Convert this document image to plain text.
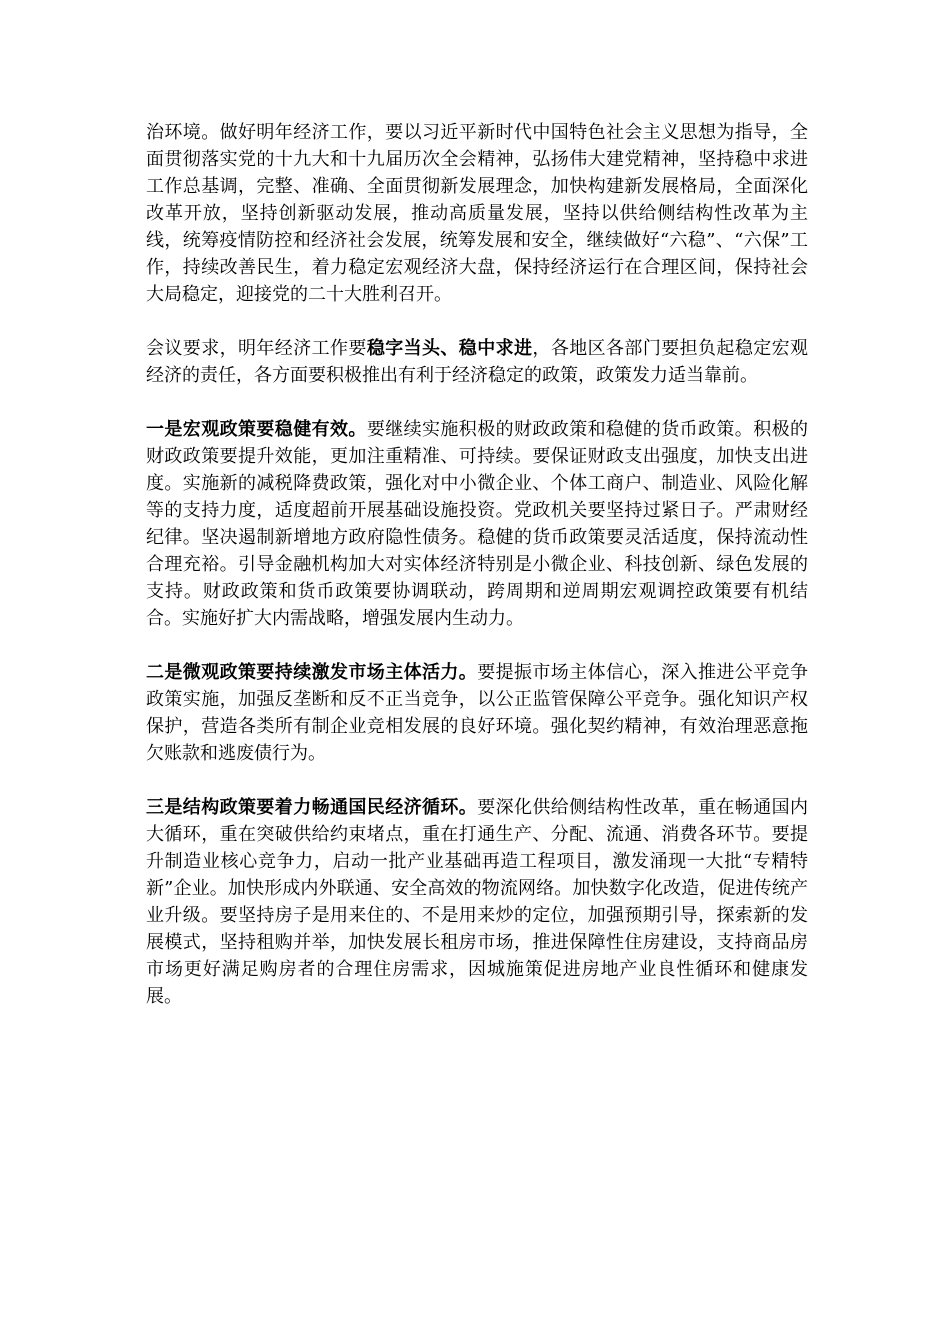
治环境。做好明年经济工作，要以习近平新时代中国特色社会主义思想为指导，全面贯彻落实党的十九大和十九届历次全会精神，弘扬伟大建党精神，坚持稳中求进工作总基调，完整、准确、全面贯彻新发展理念，加快构建新发展格局，全面深化改革开放，坚持创新驱动发展，推动高质量发展，坚持以供给侧结构性改革为主线，统筹疫情防控和经济社会发展，统筹发展和安全，继续做好“六稳”、“六保”工作，持续改善民生，着力稳定宏观经济大盘，保持经济运行在合理区间，保持社会大局稳定，迎接党的二十大胜利召开。

会议要求，明年经济工作要稳字当头、稳中求进，各地区各部门要担负起稳定宏观经济的责任，各方面要积极推出有利于经济稳定的政策，政策发力适当靠前。

一是宏观政策要稳健有效。要继续实施积极的财政政策和稳健的货币政策。积极的财政政策要提升效能，更加注重精准、可持续。要保证财政支出强度，加快支出进度。实施新的减税降费政策，强化对中小微企业、个体工商户、制造业、风险化解等的支持力度，适度超前开展基础设施投资。党政机关要坚持过紧日子。严肃财经纪律。坚决遏制新增地方政府隐性债务。稳健的货币政策要灵活适度，保持流动性合理充裕。引导金融机构加大对实体经济特别是小微企业、科技创新、绿色发展的支持。财政政策和货币政策要协调联动，跨周期和逆周期宏观调控政策要有机结合。实施好扩大内需战略，增强发展内生动力。

二是微观政策要持续激发市场主体活力。要提振市场主体信心，深入推进公平竞争政策实施，加强反垄断和反不正当竞争，以公正监管保障公平竞争。强化知识产权保护，营造各类所有制企业竞相发展的良好环境。强化契约精神，有效治理恶意拖欠账款和逃废债行为。

三是结构政策要着力畅通国民经济循环。要深化供给侧结构性改革，重在畅通国内大循环，重在突破供给约束堵点，重在打通生产、分配、流通、消费各环节。要提升制造业核心竞争力，启动一批产业基础再造工程项目，激发涌现一大批“专精特新”企业。加快形成内外联通、安全高效的物流网络。加快数字化改造，促进传统产业升级。要坚持房子是用来住的、不是用来炒的定位，加强预期引导，探索新的发展模式，坚持租购并举，加快发展长租房市场，推进保障性住房建设，支持商品房市场更好满足购房者的合理住房需求，因城施策促进房地产业良性循环和健康发展。
